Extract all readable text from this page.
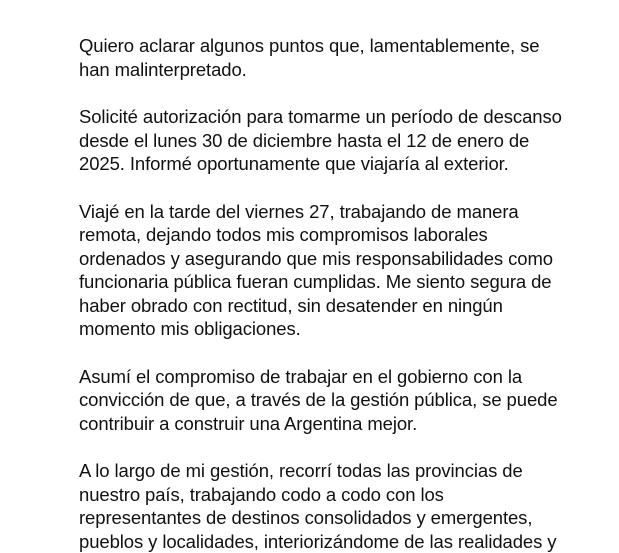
Quiero aclarar algunos puntos que, lamentablemente, se
han malinterpretado.

Solicité autorización para tomarme un período de descanso
desde el lunes 30 de diciembre hasta el 12 de enero de
2025. Informé oportunamente que viajaría al exterior.

Viajé en la tarde del viernes 27, trabajando de manera
remota, dejando todos mis compromisos laborales
ordenados y asegurando que mis responsabilidades como
funcionaria pública fueran cumplidas. Me siento segura de
haber obrado con rectitud, sin desatender en ningún
momento mis obligaciones.

Asumí el compromiso de trabajar en el gobierno con la
convicción de que, a través de la gestión pública, se puede
contribuir a construir una Argentina mejor.

A lo largo de mi gestión, recorrí todas las provincias de
nuestro país, trabajando codo a codo con los
representantes de destinos consolidados y emergentes,
pueblos y localidades, interiorizándome de las realidades y
